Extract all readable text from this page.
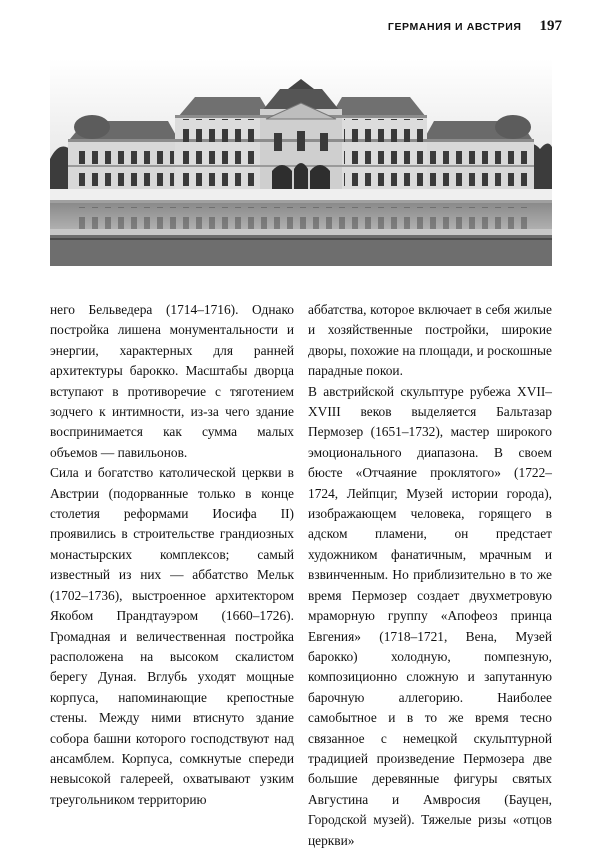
ГЕРМАНИЯ И АВСТРИЯ 197

него Бельведера (1714–1716). Однако постройка лишена монументальности и энергии, характерных для ранней архитектуры барокко. Масштабы дворца вступают в противоречие с тяготением зодчего к интимности, из-за чего здание воспринимается как сумма малых объемов — павильонов.

Сила и богатство католической церкви в Австрии (подорванные только в конце столетия реформами Иосифа II) проявились в строительстве грандиозных монастырских комплексов; самый известный из них — аббатство Мельк (1702–1736), выстроенное архитектором Якобом Прандтауэром (1660–1726). Громадная и величественная постройка расположена на высоком скалистом берегу Дуная. Вглубь уходят мощные корпуса, напоминающие крепостные стены. Между ними втиснуто здание собора башни которого господствуют над ансамблем. Корпуса, сомкнутые спереди невысокой галереей, охватывают узким треугольником территорию

аббатства, которое включает в себя жилые и хозяйственные постройки, широкие дворы, похожие на площади, и роскошные парадные покои.

В австрийской скульптуре рубежа XVII–XVIII веков выделяется Бальтазар Пермозер (1651–1732), мастер широкого эмоционального диапазона. В своем бюсте «Отчаяние проклятого» (1722–1724, Лейпциг, Музей истории города), изображающем человека, горящего в адском пламени, он предстает художником фанатичным, мрачным и взвинченным. Но приблизительно в то же время Пермозер создает двухметровую мраморную группу «Апофеоз принца Евгения» (1718–1721, Вена, Музей барокко) холодную, помпезную, композиционно сложную и запутанную барочную аллегорию. Наиболее самобытное и в то же время тесно связанное с немецкой скульптурной традицией произведение Пермозера две большие деревянные фигуры святых Августина и Амвросия (Бауцен, Городской музей). Тяжелые ризы «отцов церкви»
